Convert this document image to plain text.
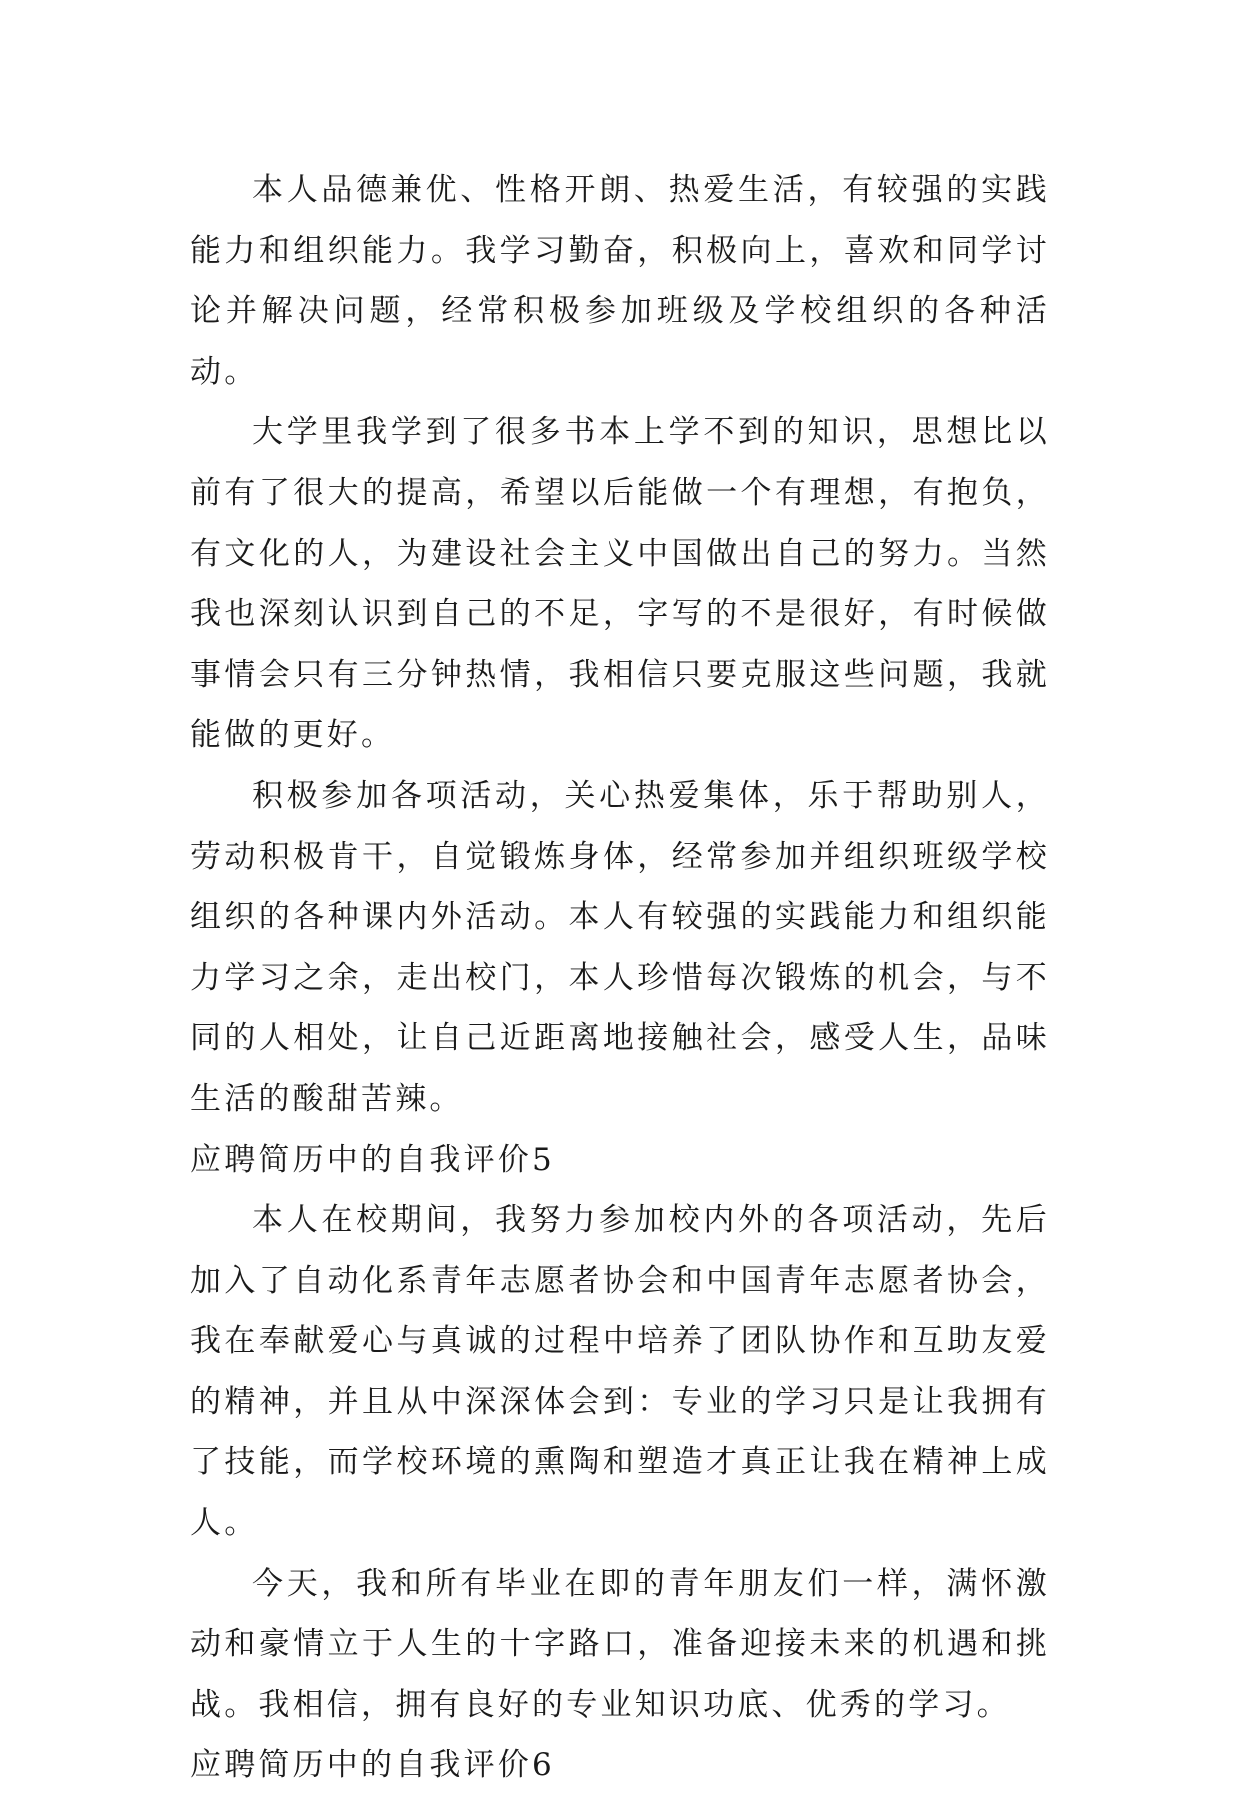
本人品德兼优、性格开朗、热爱生活，有较强的实践能力和组织能力。我学习勤奋，积极向上，喜欢和同学讨论并解决问题，经常积极参加班级及学校组织的各种活动。

大学里我学到了很多书本上学不到的知识，思想比以前有了很大的提高，希望以后能做一个有理想，有抱负，有文化的人，为建设社会主义中国做出自己的努力。当然我也深刻认识到自己的不足，字写的不是很好，有时候做事情会只有三分钟热情，我相信只要克服这些问题，我就能做的更好。

积极参加各项活动，关心热爱集体，乐于帮助别人，劳动积极肯干，自觉锻炼身体，经常参加并组织班级学校组织的各种课内外活动。本人有较强的实践能力和组织能力学习之余，走出校门，本人珍惜每次锻炼的机会，与不同的人相处，让自己近距离地接触社会，感受人生，品味生活的酸甜苦辣。

应聘简历中的自我评价5

本人在校期间，我努力参加校内外的各项活动，先后加入了自动化系青年志愿者协会和中国青年志愿者协会，我在奉献爱心与真诚的过程中培养了团队协作和互助友爱的精神，并且从中深深体会到：专业的学习只是让我拥有了技能，而学校环境的熏陶和塑造才真正让我在精神上成人。

今天，我和所有毕业在即的青年朋友们一样，满怀激动和豪情立于人生的十字路口，准备迎接未来的机遇和挑战。我相信，拥有良好的专业知识功底、优秀的学习。

应聘简历中的自我评价6
